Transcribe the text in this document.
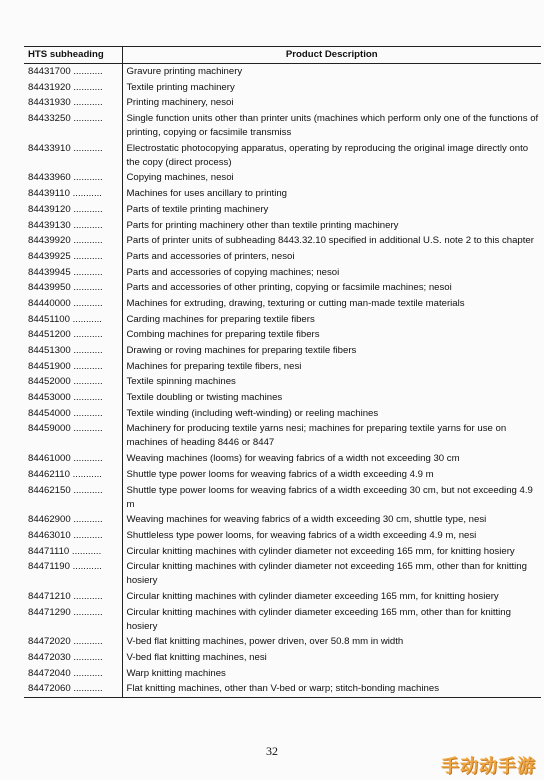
HTS subheading	Product Description
84431700 ...........	Gravure printing machinery
84431920 ...........	Textile printing machinery
84431930 ...........	Printing machinery, nesoi
84433250 ...........	Single function units other than printer units (machines which perform only one of the functions of printing, copying or facsimile transmiss
84433910 ...........	Electrostatic photocopying apparatus, operating by reproducing the original image directly onto the copy (direct process)
84433960 ...........	Copying machines, nesoi
84439110 ...........	Machines for uses ancillary to printing
84439120 ...........	Parts of textile printing machinery
84439130 ...........	Parts for printing machinery other than textile printing machinery
84439920 ...........	Parts of printer units of subheading 8443.32.10 specified in additional U.S. note 2 to this chapter
84439925 ...........	Parts and accessories of printers, nesoi
84439945 ...........	Parts and accessories of copying machines; nesoi
84439950 ...........	Parts and accessories of other printing, copying or facsimile machines; nesoi
84440000 ...........	Machines for extruding, drawing, texturing or cutting man-made textile materials
84451100 ...........	Carding machines for preparing textile fibers
84451200 ...........	Combing machines for preparing textile fibers
84451300 ...........	Drawing or roving machines for preparing textile fibers
84451900 ...........	Machines for preparing textile fibers, nesi
84452000 ...........	Textile spinning machines
84453000 ...........	Textile doubling or twisting machines
84454000 ...........	Textile winding (including weft-winding) or reeling machines
84459000 ...........	Machinery for producing textile yarns nesi; machines for preparing textile yarns for use on machines of heading 8446 or 8447
84461000 ...........	Weaving machines (looms) for weaving fabrics of a width not exceeding 30 cm
84462110 ...........	Shuttle type power looms for weaving fabrics of a width exceeding 4.9 m
84462150 ...........	Shuttle type power looms for weaving fabrics of a width exceeding 30 cm, but not exceeding 4.9 m
84462900 ...........	Weaving machines for weaving fabrics of a width exceeding 30 cm, shuttle type, nesi
84463010 ...........	Shuttleless type power looms, for weaving fabrics of a width exceeding 4.9 m, nesi
84471110 ...........	Circular knitting machines with cylinder diameter not exceeding 165 mm, for knitting hosiery
84471190 ...........	Circular knitting machines with cylinder diameter not exceeding 165 mm, other than for knitting hosiery
84471210 ...........	Circular knitting machines with cylinder diameter exceeding 165 mm, for knitting hosiery
84471290 ...........	Circular knitting machines with cylinder diameter exceeding 165 mm, other than for knitting hosiery
84472020 ...........	V-bed flat knitting machines, power driven, over 50.8 mm in width
84472030 ...........	V-bed flat knitting machines, nesi
84472040 ...........	Warp knitting machines
84472060 ...........	Flat knitting machines, other than V-bed or warp; stitch-bonding machines
32
手动动手游
